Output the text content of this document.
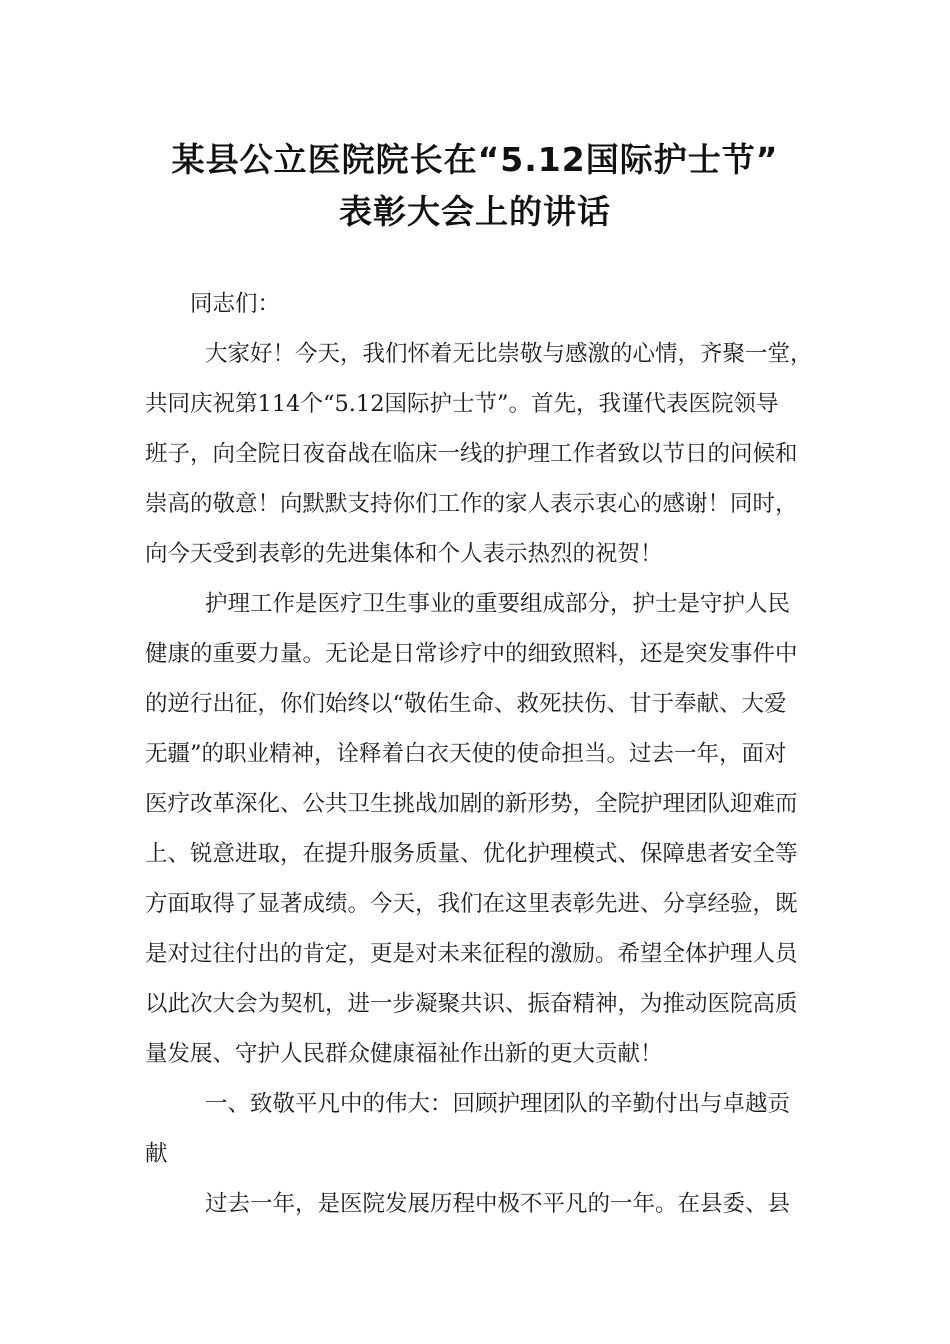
某县公立医院院长在“5.12国际护士节”
表彰大会上的讲话
同志们：
大家好！今天，我们怀着无比崇敬与感激的心情，齐聚一堂，
共同庆祝第114个“5.12国际护士节”。首先，我谨代表医院领导
班子，向全院日夜奋战在临床一线的护理工作者致以节日的问候和
崇高的敬意！向默默支持你们工作的家人表示衷心的感谢！同时，
向今天受到表彰的先进集体和个人表示热烈的祝贺！
护理工作是医疗卫生事业的重要组成部分，护士是守护人民
健康的重要力量。无论是日常诊疗中的细致照料，还是突发事件中
的逆行出征，你们始终以“敬佑生命、救死扶伤、甘于奉献、大爱
无疆”的职业精神，诠释着白衣天使的使命担当。过去一年，面对
医疗改革深化、公共卫生挑战加剧的新形势，全院护理团队迎难而
上、锐意进取，在提升服务质量、优化护理模式、保障患者安全等
方面取得了显著成绩。今天，我们在这里表彰先进、分享经验，既
是对过往付出的肯定，更是对未来征程的激励。希望全体护理人员
以此次大会为契机，进一步凝聚共识、振奋精神，为推动医院高质
量发展、守护人民群众健康福祉作出新的更大贡献！
一、致敬平凡中的伟大：回顾护理团队的辛勤付出与卓越贡
献
过去一年，是医院发展历程中极不平凡的一年。在县委、县
